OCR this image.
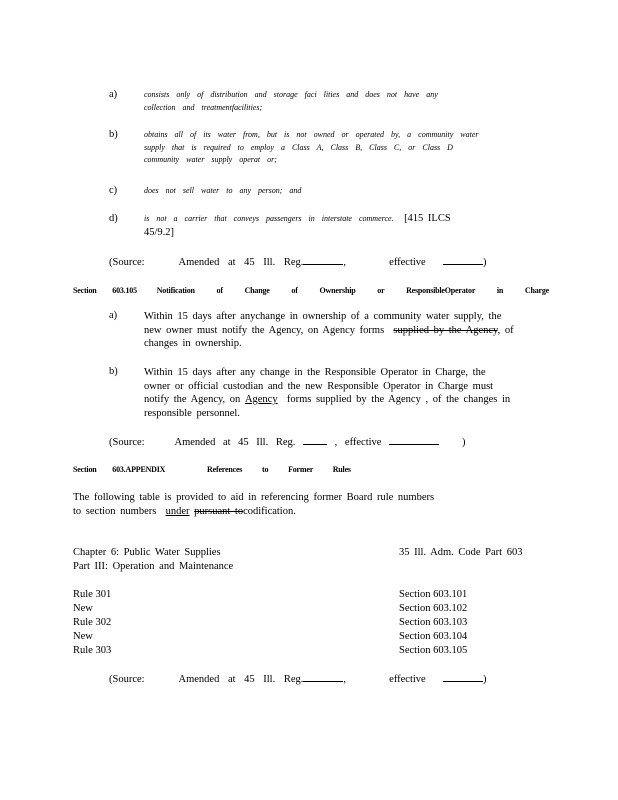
a)	consists only of distribution and storage faci lities and does not have any
collection and treatmentfacilities;
b)	obtains all of its water from, but is not owned or operated by, a community water
supply that is required to employ a Class A, Class B, Class C, or Class D
community water supply operat or;
c)	does not sell water to any person; and
d)	is not a carrier that conveys passengers in interstate commerce. [415 ILCS
45/9.2]
(Source:	Amended at 45 Ill. Reg.	,	effective	)
Section 603.105 Notification of Change of Ownership or ResponsibleOperator in Charge
a)	Within 15 days after anychange in ownership of a community water supply, the
new owner must notify the Agency, on Agency forms supplied by the Agency, of
changes in ownership.
b)	Within 15 days after any change in the Responsible Operator in Charge, the
owner or official custodian and the new Responsible Operator in Charge must
notify the Agency, on Agency forms supplied by the Agency , of the changes in
responsible personnel.
(Source:	Amended at 45 Ill. Reg.	, effective	)
Section 603.APPENDIX	References to Former Rules
The following table is provided to aid in referencing former Board rule numbers
to section numbers under pursuant tocodification.
Chapter 6: Public Water Supplies	35 Ill. Adm. Code Part 603
Part III: Operation and Maintenance
Rule 301	Section 603.101
New	Section 603.102
Rule 302	Section 603.103
New	Section 603.104
Rule 303	Section 603.105
(Source:	Amended at 45 Ill. Reg.	,	effective	)
